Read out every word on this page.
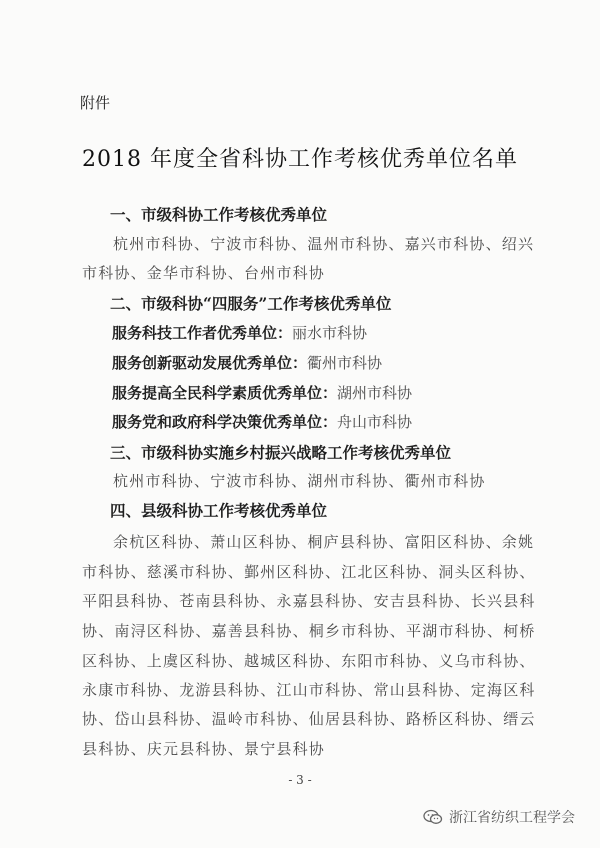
附件
2018 年度全省科协工作考核优秀单位名单
一、市级科协工作考核优秀单位
杭州市科协、宁波市科协、温州市科协、嘉兴市科协、绍兴
市科协、金华市科协、台州市科协
二、市级科协“四服务”工作考核优秀单位
服务科技工作者优秀单位：丽水市科协
服务创新驱动发展优秀单位：衢州市科协
服务提高全民科学素质优秀单位：湖州市科协
服务党和政府科学决策优秀单位：舟山市科协
三、市级科协实施乡村振兴战略工作考核优秀单位
杭州市科协、宁波市科协、湖州市科协、衢州市科协
四、县级科协工作考核优秀单位
余杭区科协、萧山区科协、桐庐县科协、富阳区科协、余姚
市科协、慈溪市科协、鄞州区科协、江北区科协、洞头区科协、
平阳县科协、苍南县科协、永嘉县科协、安吉县科协、长兴县科
协、南浔区科协、嘉善县科协、桐乡市科协、平湖市科协、柯桥
区科协、上虞区科协、越城区科协、东阳市科协、义乌市科协、
永康市科协、龙游县科协、江山市科协、常山县科协、定海区科
协、岱山县科协、温岭市科协、仙居县科协、路桥区科协、缙云
县科协、庆元县科协、景宁县科协
- 3 -
浙江省纺织工程学会
